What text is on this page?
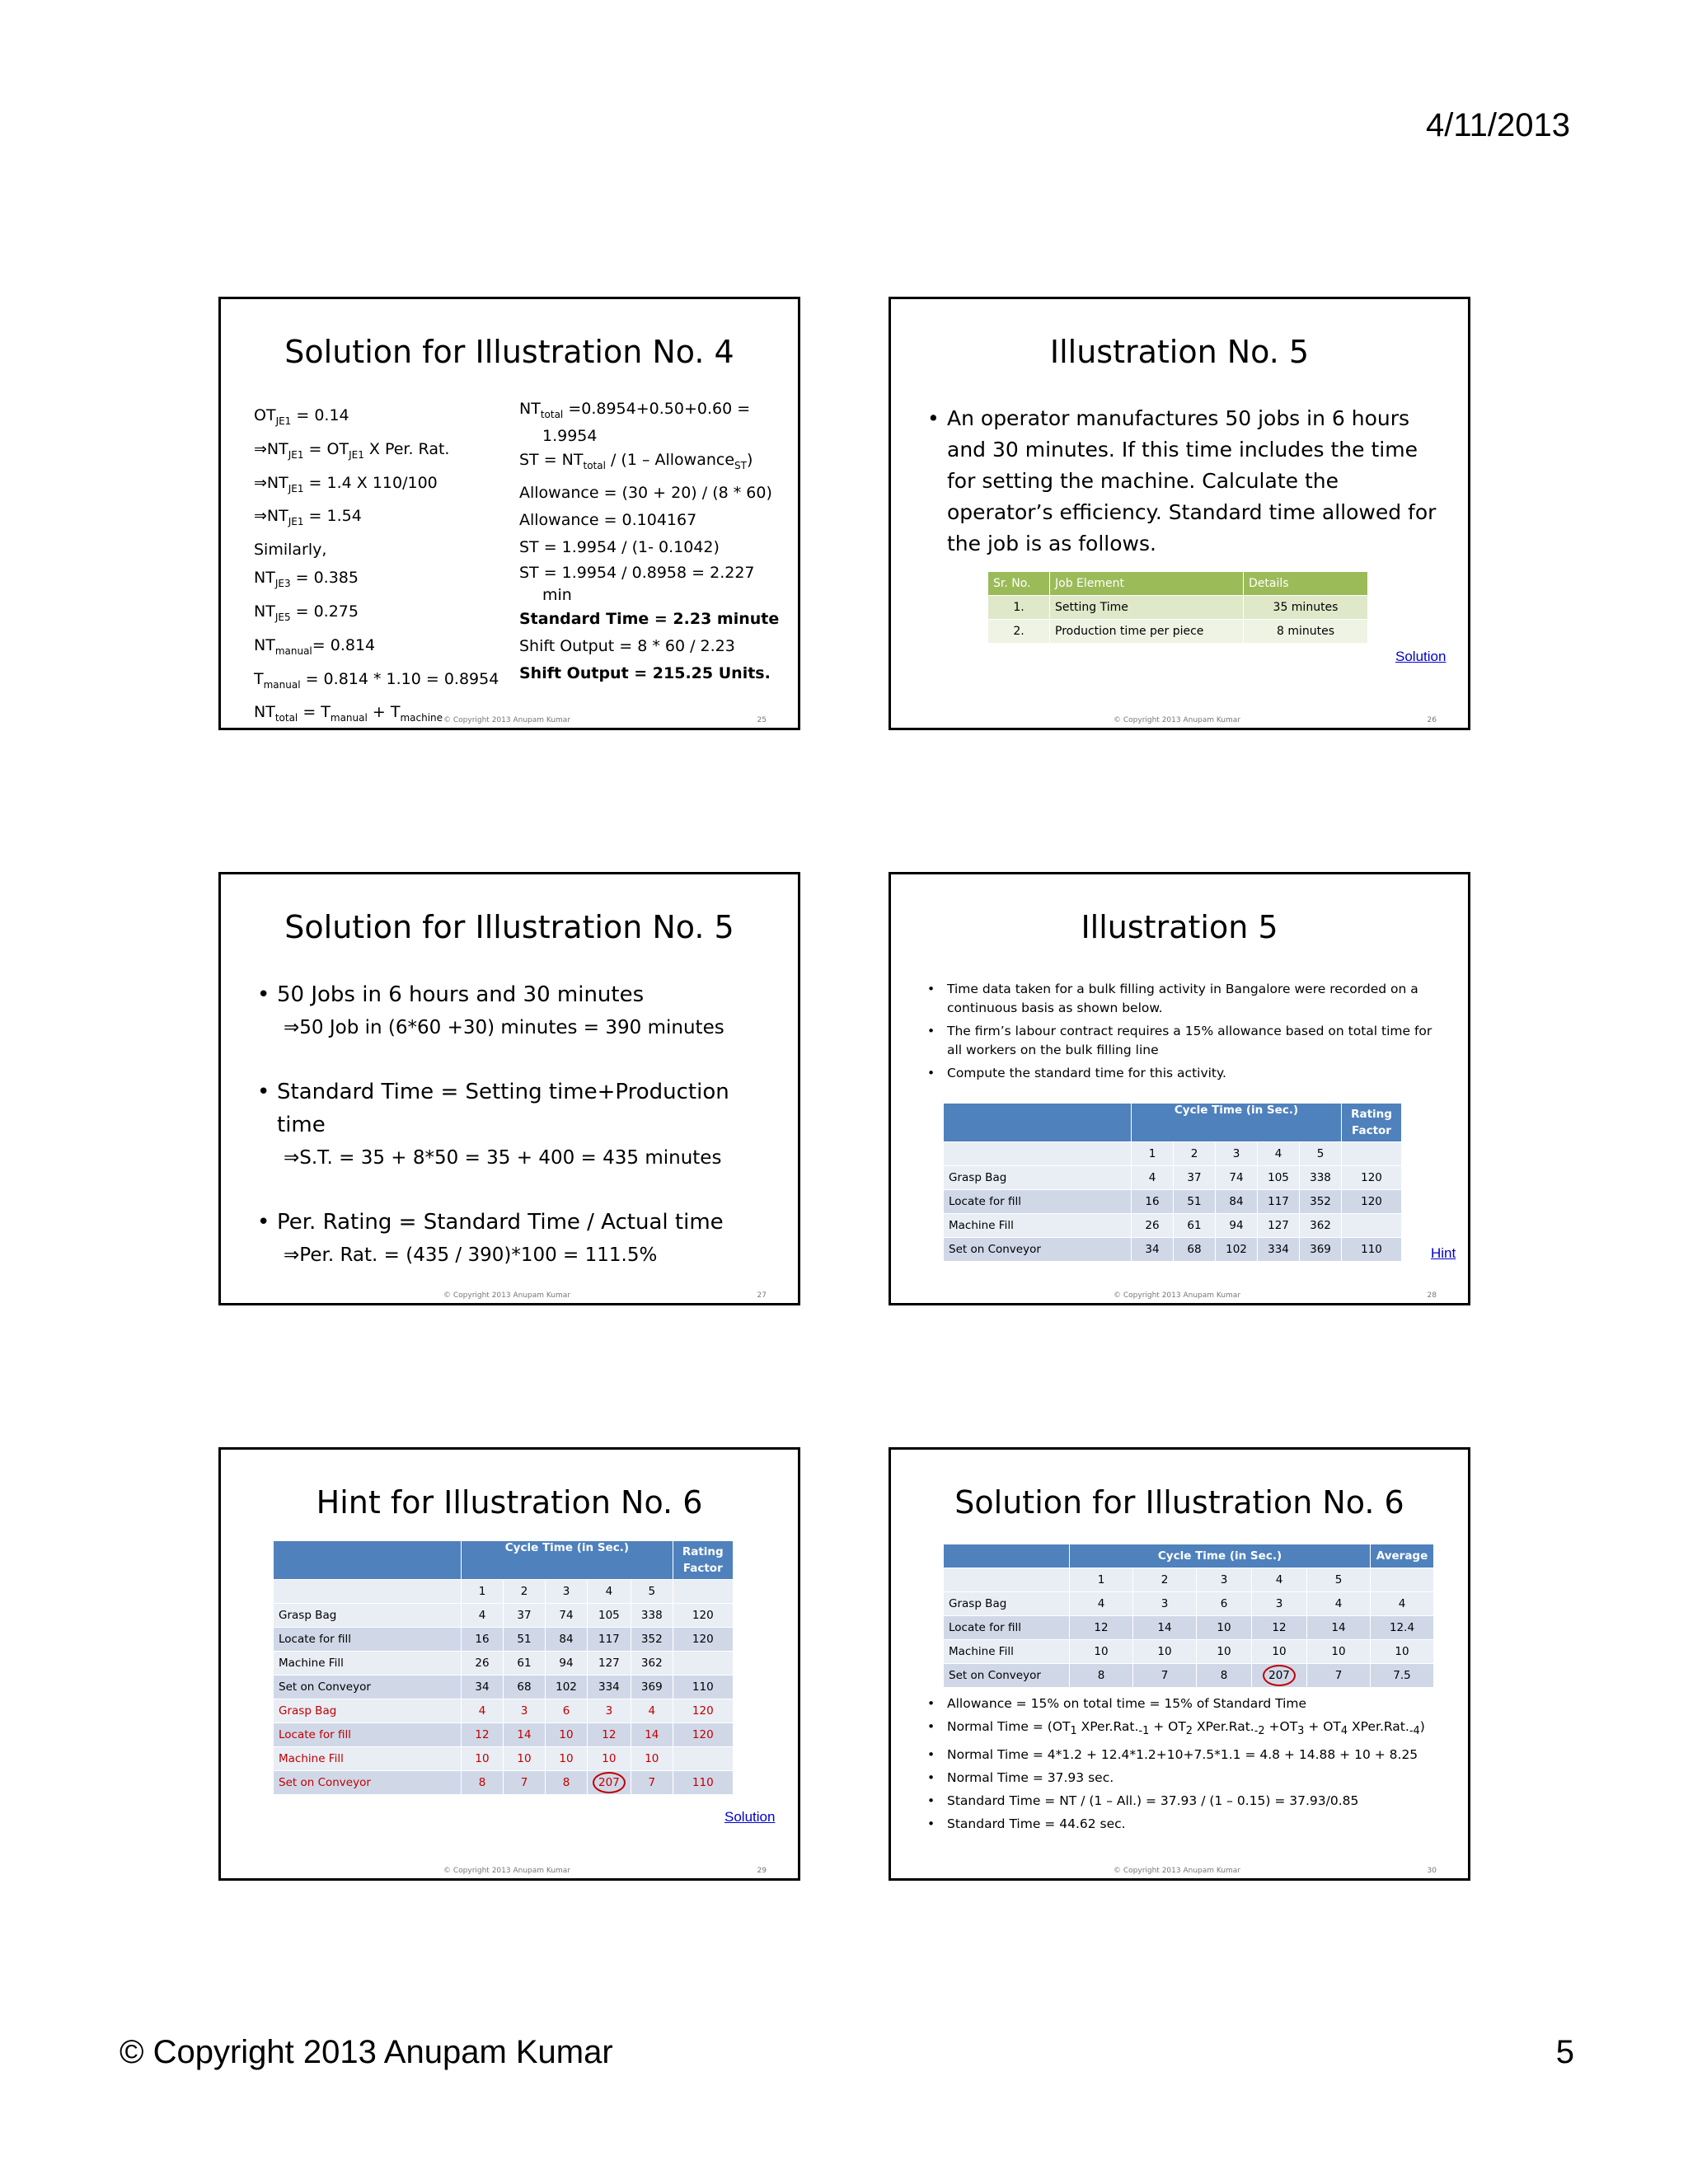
4/11/2013
Solution for Illustration No. 4
$OT_{JE1} = 0.14$
$\Rightarrow NT_{JE1} = OT_{JE1}$ X Per. Rat.
$\Rightarrow NT_{JE1} = 1.4$ X 110/100
$\Rightarrow NT_{JE1} = 1.54$
Similarly,
$NT_{JE3} = 0.385$
$NT_{JE5} = 0.275$
$NT_{manual}= 0.814$
$T_{manual} = 0.814 * 1.10 = 0.8954$
$NT_{total} = T_{manual} + T_{machine}$
$NT_{total} =0.8954+0.50+0.60$ =
1.9954
ST = $NT_{total} / (1$ – Allowance$_{ST}$)
Allowance = (30 + 20) / (8 * 60)
Allowance = 0.104167
ST = 1.9954 / (1- 0.1042)
ST = 1.9954 / 0.8958 = 2.227
min
Standard Time = 2.23 minute
Shift Output = 8 * 60 / 2.23
Shift Output = 215.25 Units.
© Copyright 2013 Anupam Kumar	25
Illustration No. 5
• An operator manufactures 50 jobs in 6 hours and 30 minutes. If this time includes the time for setting the machine. Calculate the operator’s efficiency. Standard time allowed for the job is as follows.
Sr. No.	Job Element	Details
1.	Setting Time	35 minutes
2.	Production time per piece	8 minutes
Solution
© Copyright 2013 Anupam Kumar	26
Solution for Illustration No. 5
• 50 Jobs in 6 hours and 30 minutes
⇒50 Job in (6*60 +30) minutes = 390 minutes
• Standard Time = Setting time+Production time
⇒S.T. = 35 + 8*50 = 35 + 400 = 435 minutes
• Per. Rating = Standard Time / Actual time
⇒Per. Rat. = (435 / 390)*100 = 111.5%
© Copyright 2013 Anupam Kumar	27
Illustration 5
• Time data taken for a bulk filling activity in Bangalore were recorded on a continuous basis as shown below.
• The firm’s labour contract requires a 15% allowance based on total time for all workers on the bulk filling line
• Compute the standard time for this activity.
	Cycle Time (in Sec.)					Rating Factor
	1	2	3	4	5	
Grasp Bag	4	37	74	105	338	120
Locate for fill	16	51	84	117	352	120
Machine Fill	26	61	94	127	362	
Set on Conveyor	34	68	102	334	369	110	Hint
© Copyright 2013 Anupam Kumar	28
Hint for Illustration No. 6
	Cycle Time (in Sec.)					Rating Factor
	1	2	3	4	5	
Grasp Bag	4	37	74	105	338	120
Locate for fill	16	51	84	117	352	120
Machine Fill	26	61	94	127	362	
Set on Conveyor	34	68	102	334	369	110
Grasp Bag	4	3	6	3	4	120
Locate for fill	12	14	10	12	14	120
Machine Fill	10	10	10	10	10	
Set on Conveyor	8	7	8	207	7	110
Solution
© Copyright 2013 Anupam Kumar	29
Solution for Illustration No. 6
	Cycle Time (in Sec.)					Average
	1	2	3	4	5	
Grasp Bag	4	3	6	3	4	4
Locate for fill	12	14	10	12	14	12.4
Machine Fill	10	10	10	10	10	10
Set on Conveyor	8	7	8	207	7	7.5
• Allowance = 15% on total time = 15% of Standard Time
• Normal Time = ($OT_1$ $XPer.Rat._{-1} + OT_2$ $XPer.Rat._{-2} +OT_3 + OT_4$ $XPer.Rat._{-4}$)
• Normal Time = 4*1.2 + 12.4*1.2+10+7.5*1.1 = 4.8 + 14.88 + 10 + 8.25
• Normal Time = 37.93 sec.
• Standard Time = NT / (1 – All.) = 37.93 / (1 – 0.15) = 37.93/0.85
• Standard Time = 44.62 sec.
© Copyright 2013 Anupam Kumar	30
© Copyright 2013 Anupam Kumar	5
